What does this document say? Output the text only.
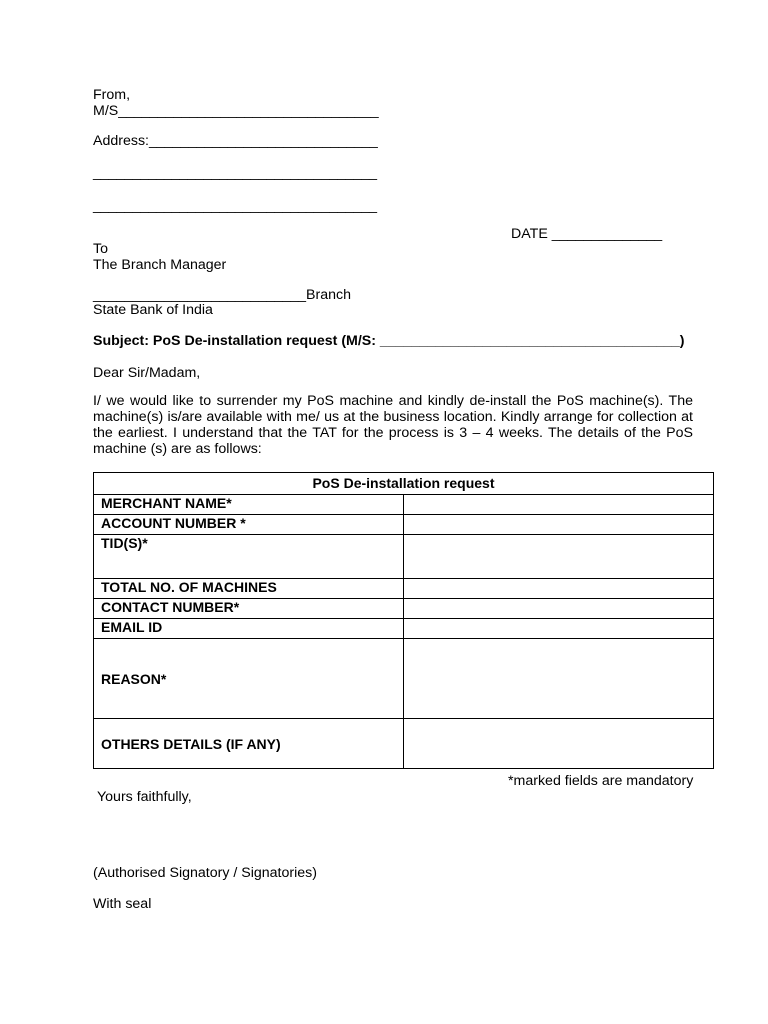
From,
M/S_________________________________
Address:_____________________________
____________________________________
____________________________________
DATE ______________
To
The Branch Manager
___________________________Branch
State Bank of India
Subject: PoS De-installation request (M/S: ______________________________________)
Dear Sir/Madam,
I/ we would like to surrender my PoS machine and kindly de-install the PoS machine(s). The machine(s) is/are available with me/ us at the business location. Kindly arrange for collection at the earliest. I understand that the TAT for the process is 3 – 4 weeks. The details of the PoS machine (s) are as follows:
PoS De-installation request	
MERCHANT NAME*	
ACCOUNT NUMBER *	
TID(S)*	
TOTAL NO. OF MACHINES	
CONTACT NUMBER*	
EMAIL ID	
REASON*	
OTHERS DETAILS (IF ANY)	
*marked fields are mandatory
Yours faithfully,
(Authorised Signatory / Signatories)
With seal
